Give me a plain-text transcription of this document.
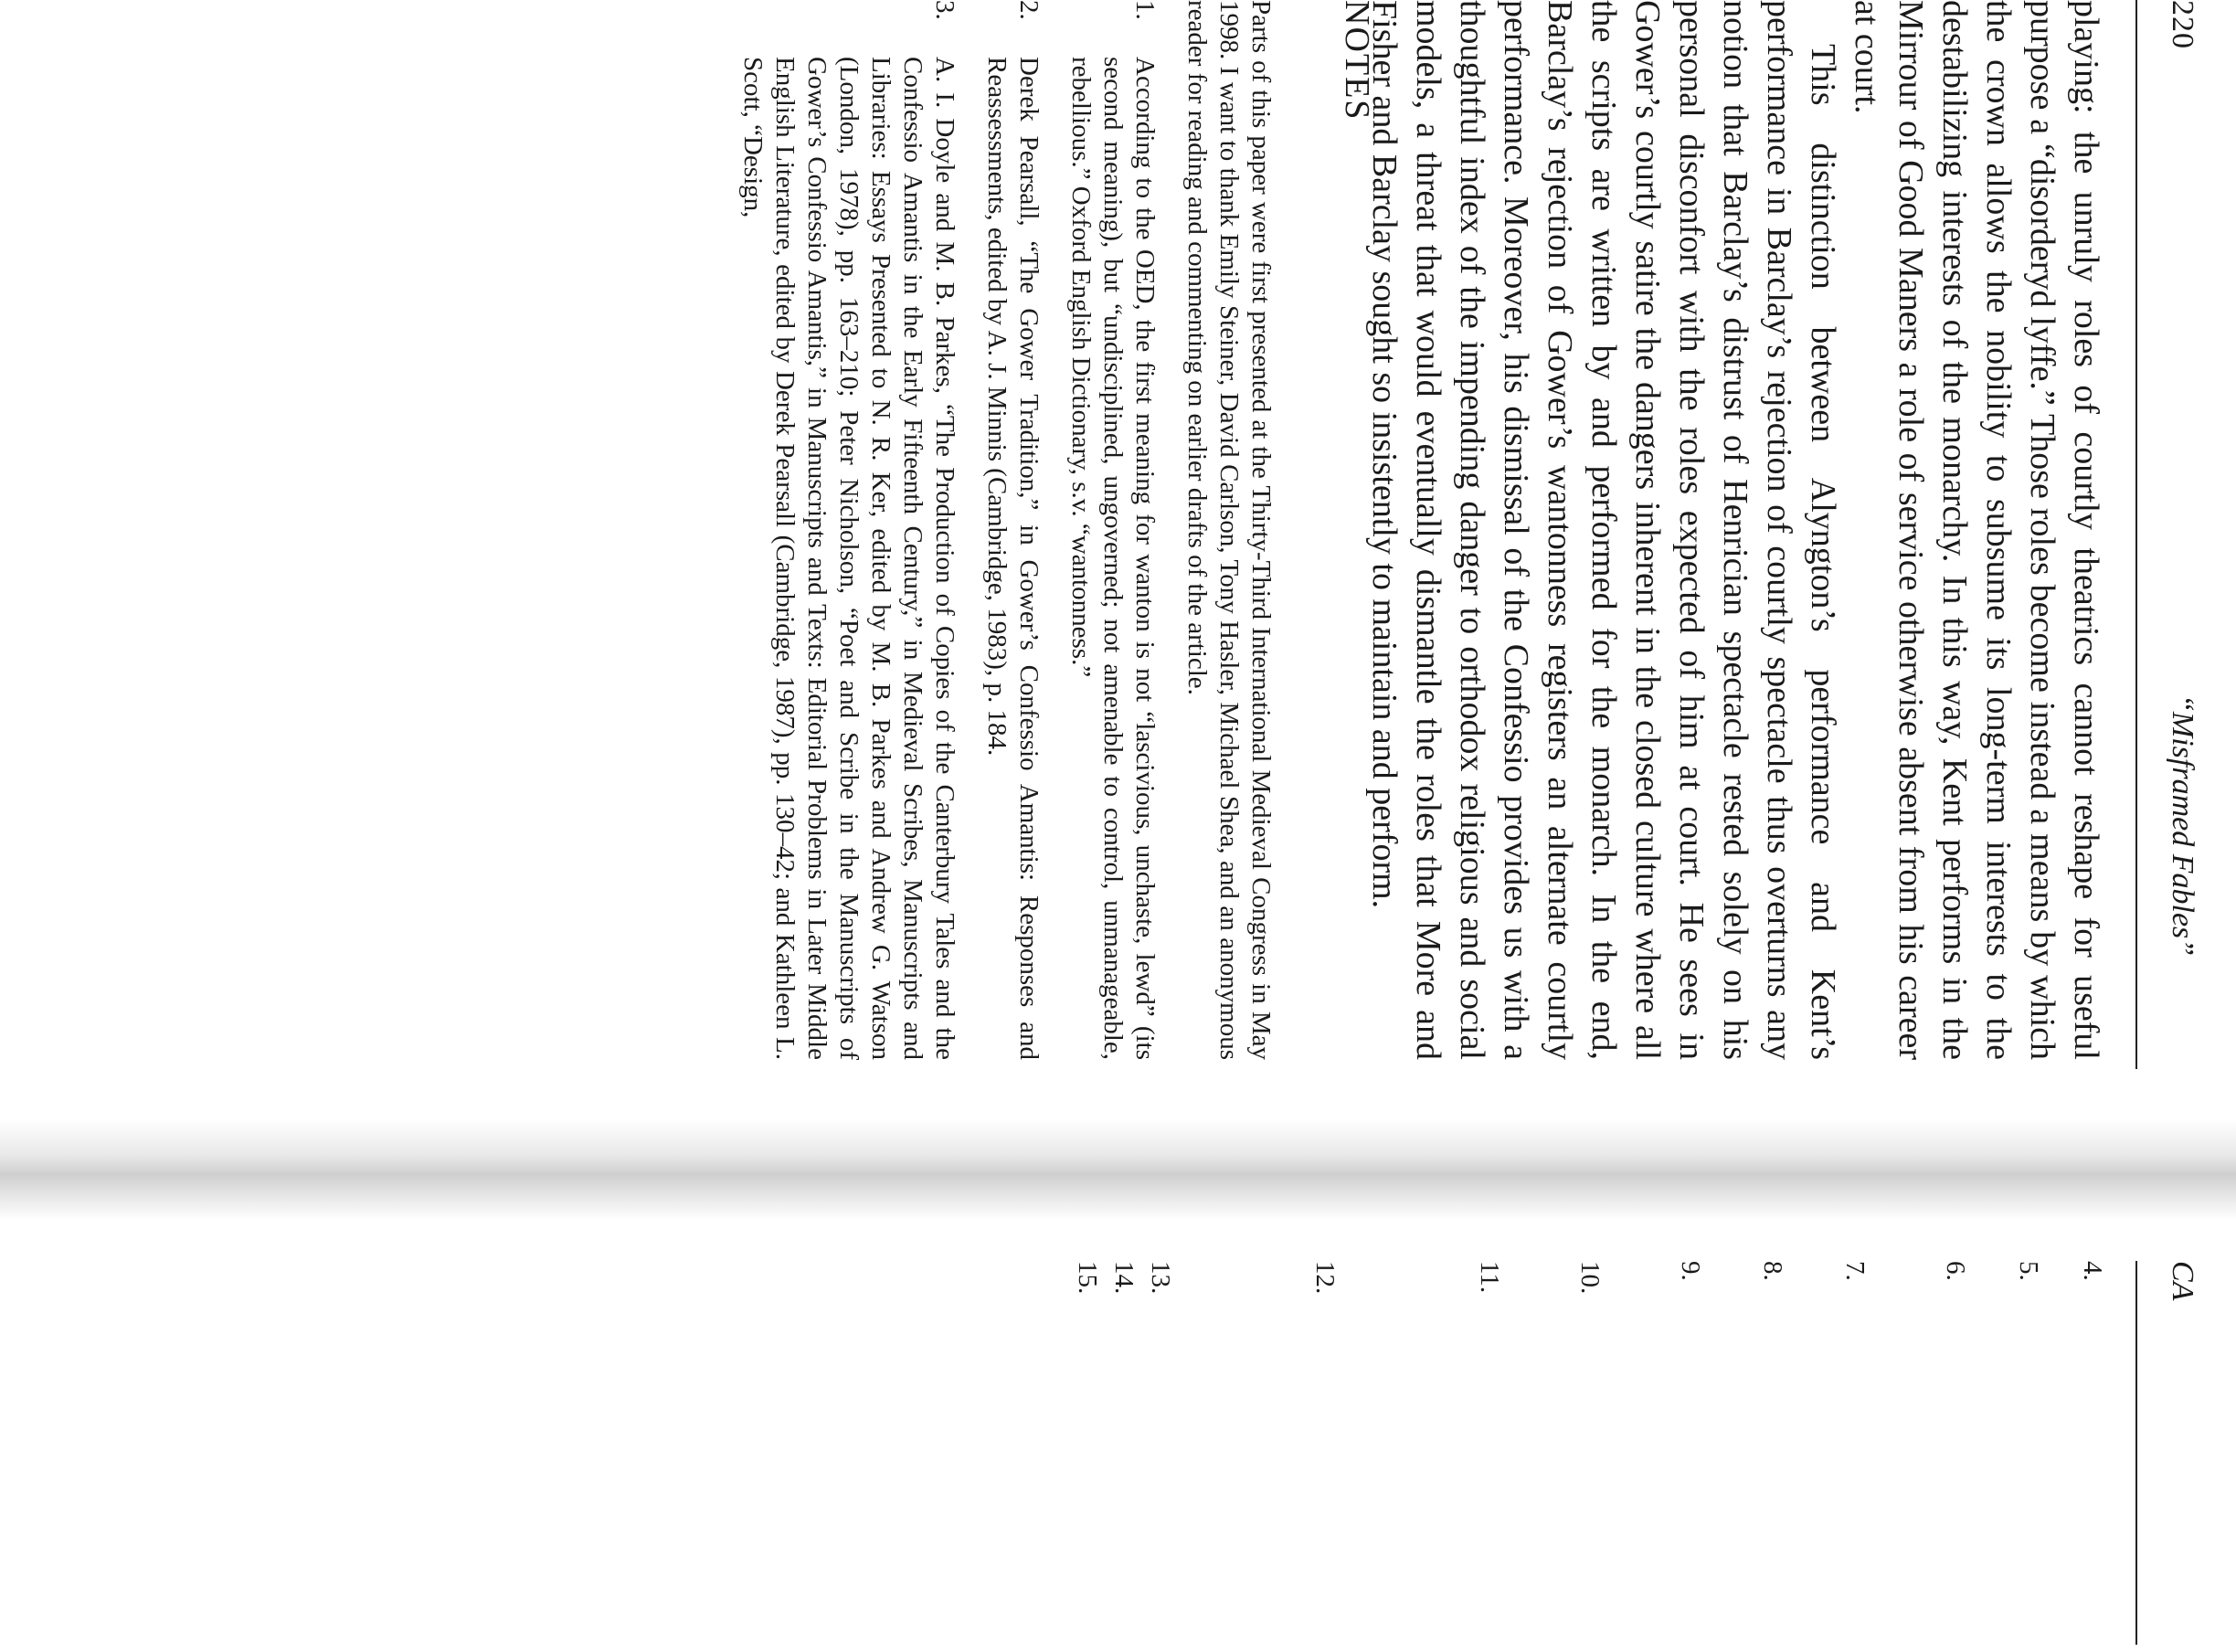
220
“Misframed Fables”

playing: the unruly roles of courtly theatrics cannot reshape for useful purpose a “disorderyd lyffe.” Those roles become instead a means by which the crown allows the nobility to subsume its long-term interests to the destabilizing interests of the monarchy. In this way, Kent performs in the Mirrour of Good Maners a role of service otherwise absent from his career at court.

This distinction between Alyngton’s performance and Kent’s performance in Barclay’s rejection of courtly spectacle thus overturns any notion that Barclay’s distrust of Henrician spectacle rested solely on his personal disconfort with the roles expected of him at court. He sees in Gower’s courtly satire the dangers inherent in the closed culture where all the scripts are written by and performed for the monarch. In the end, Barclay’s rejection of Gower’s wantonness registers an alternate courtly performance. Moreover, his dismissal of the Confessio provides us with a thoughtful index of the impending danger to orthodox religious and social models, a threat that would eventually dismantle the roles that More and Fisher and Barclay sought so insistently to maintain and perform.

NOTES

Parts of this paper were first presented at the Thirty-Third International Medieval Congress in May 1998. I want to thank Emily Steiner, David Carlson, Tony Hasler, Michael Shea, and an anonymous reader for reading and commenting on earlier drafts of the article.

1.
According to the OED, the first meaning for wanton is not “lascivious, unchaste, lewd” (its second meaning), but “undisciplined, ungoverned; not amenable to control, unmanageable, rebellious.” Oxford English Dictionary, s.v. “wantonness.”
2.
Derek Pearsall, “The Gower Tradition,” in Gower’s Confessio Amantis: Responses and Reassessments, edited by A. J. Minnis (Cambridge, 1983), p. 184.
3.
A. I. Doyle and M. B. Parkes, “The Production of Copies of the Canterbury Tales and the Confessio Amantis in the Early Fifteenth Century,” in Medieval Scribes, Manuscripts and Libraries: Essays Presented to N. R. Ker, edited by M. B. Parkes and Andrew G. Watson (London, 1978), pp. 163–210; Peter Nicholson, “Poet and Scribe in the Manuscripts of Gower’s Confessio Amantis,” in Manuscripts and Texts: Editorial Problems in Later Middle English Literature, edited by Derek Pearsall (Cambridge, 1987), pp. 130–42; and Kathleen L. Scott, “Design,
CA
4.
5.
6.
7.
8.
9.
10.
11.
12.
13.
14.
15.
